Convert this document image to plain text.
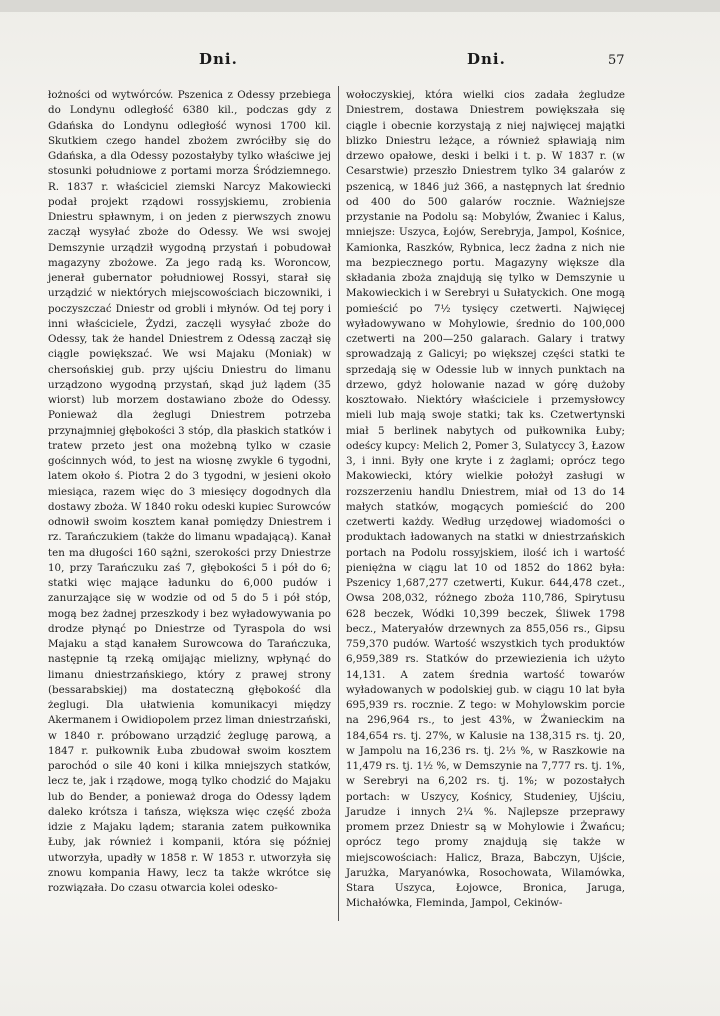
Dni.	Dni.	57

łożności od wytwórców. Pszenica z Odessy przebiega do Londynu odległość 6380 kil., podczas gdy z Gdańska do Londynu odległość wynosi 1700 kil. Skutkiem czego handel zbożem zwróciłby się do Gdańska, a dla Odessy pozostałyby tylko właściwe jej stosunki południowe z portami morza Śródziemnego. R. 1837 r. właściciel ziemski Narcyz Makowiecki podał projekt rządowi rossyjskiemu, zrobienia Dniestru spławnym, i on jeden z pierwszych znowu zaczął wysyłać zboże do Odessy. We wsi swojej Demszynie urządził wygodną przystań i pobudował magazyny zbożowe. Za jego radą ks. Woroncow, jenerał gubernator południowej Rossyi, starał się urządzić w niektórych miejscowościach biczowniki, i poczyszczać Dniestr od grobli i młynów. Od tej pory i inni właściciele, Żydzi, zaczęli wysyłać zboże do Odessy, tak że handel Dniestrem z Odessą zaczął się ciągle powiększać. We wsi Majaku (Moniak) w chersońskiej gub. przy ujściu Dniestru do limanu urządzono wygodną przystań, skąd już lądem (35 wiorst) lub morzem dostawiano zboże do Odessy. Ponieważ dla żeglugi Dniestrem potrzeba przynajmniej głębokości 3 stóp, dla płaskich statków i tratew przeto jest ona możebną tylko w czasie gościnnych wód, to jest na wiosnę zwykle 6 tygodni, latem około ś. Piotra 2 do 3 tygodni, w jesieni około miesiąca, razem więc do 3 miesięcy dogodnych dla dostawy zboża. W 1840 roku odeski kupiec Surowców odnowił swoim kosztem kanał pomiędzy Dniestrem i rz. Tarańczukiem (także do limanu wpadającą). Kanał ten ma długości 160 sążni, szerokości przy Dniestrze 10, przy Tarańczuku zaś 7, głębokości 5 i pół do 6; statki więc mające ładunku do 6,000 pudów i zanurzające się w wodzie od od 5 do 5 i pół stóp, mogą bez żadnej przeszkody i bez wyładowywania po drodze płynąć po Dniestrze od Tyraspola do wsi Majaku a stąd kanałem Surowcowa do Tarańczuka, następnie tą rzeką omijając mielizny, wpłynąć do limanu dniestrzańskiego, który z prawej strony (bessarabskiej) ma dostateczną głębokość dla żeglugi. Dla ułatwienia komunikacyi między Akermanem i Owidiopolem przez liman dniestrzański, w 1840 r. próbowano urządzić żeglugę parową, a 1847 r. pułkownik Łuba zbudował swoim kosztem parochód o sile 40 koni i kilka mniejszych statków, lecz te, jak i rządowe, mogą tylko chodzić do Majaku lub do Bender, a ponieważ droga do Odessy lądem daleko krótsza i tańsza, większa więc część zboża idzie z Majaku lądem; starania zatem pułkownika Łuby, jak również i kompanii, która się później utworzyła, upadły w 1858 r. W 1853 r. utworzyła się znowu kompania Hawy, lecz ta także wkrótce się rozwiązała. Do czasu otwarcia kolei odesko-

wołoczyskiej, która wielki cios zadała żegludze Dniestrem, dostawa Dniestrem powiększała się ciągle i obecnie korzystają z niej najwięcej majątki blizko Dniestru leżące, a również spławiają nim drzewo opałowe, deski i belki i t. p. W 1837 r. (w Cesarstwie) przeszło Dniestrem tylko 34 galarów z pszenicą, w 1846 już 366, a następnych lat średnio od 400 do 500 galarów rocznie. Ważniejsze przystanie na Podolu są: Mobylów, Żwaniec i Kalus, mniejsze: Uszyca, Łojów, Serebryja, Jampol, Kośnice, Kamionka, Raszków, Rybnica, lecz żadna z nich nie ma bezpiecznego portu. Magazyny większe dla składania zboża znajdują się tylko w Demszynie u Makowieckich i w Serebryi u Sułatyckich. One mogą pomieścić po 7½ tysięcy czetwerti. Najwięcej wyładowywano w Mohylowie, średnio do 100,000 czetwerti na 200—250 galarach. Galary i tratwy sprowadzają z Galicyi; po większej części statki te sprzedają się w Odessie lub w innych punktach na drzewo, gdyż holowanie nazad w górę dużoby kosztowało. Niektóry właściciele i przemysłowcy mieli lub mają swoje statki; tak ks. Czetwertynski miał 5 berlinek nabytych od pułkownika Łuby; odeścy kupcy: Melich 2, Pomer 3, Sulatyccy 3, Łazow 3, i inni. Były one kryte i z żaglami; oprócz tego Makowiecki, który wielkie położył zasługi w rozszerzeniu handlu Dniestrem, miał od 13 do 14 małych statków, mogących pomieścić do 200 czetwerti każdy. Według urzędowej wiadomości o produktach ładowanych na statki w dniestrzańskich portach na Podolu rossyjskiem, ilość ich i wartość pieniężna w ciągu lat 10 od 1852 do 1862 była: Pszenicy 1,687,277 czetwerti, Kukur. 644,478 czet., Owsa 208,032, różnego zboża 110,786, Spirytusu 628 beczek, Wódki 10,399 beczek, Śliwek 1798 becz., Materyałów drzewnych za 855,056 rs., Gipsu 759,370 pudów. Wartość wszystkich tych produktów 6,959,389 rs. Statków do przewiezienia ich użyto 14,131. A zatem średnia wartość towarów wyładowanych w podolskiej gub. w ciągu 10 lat była 695,939 rs. rocznie. Z tego: w Mohylowskim porcie na 296,964 rs., to jest 43%, w Żwanieckim na 184,654 rs. tj. 27%, w Kalusie na 138,315 rs. tj. 20, w Jampolu na 16,236 rs. tj. 2⅓ %, w Raszkowie na 11,479 rs. tj. 1½ %, w Demszynie na 7,777 rs. tj. 1%, w Serebryi na 6,202 rs. tj. 1%; w pozostałych portach: w Uszycy, Kośnicy, Studeniey, Ujściu, Jarudze i innych 2¼ %. Najlepsze przeprawy promem przez Dniestr są w Mohylowie i Żwańcu; oprócz tego promy znajdują się także w miejscowościach: Halicz, Braza, Babczyn, Ujście, Jarużka, Maryanówka, Rosochowata, Wilamówka, Stara Uszyca, Łojowce, Bronica, Jaruga, Michałówka, Fleminda, Jampol, Cekinów-
